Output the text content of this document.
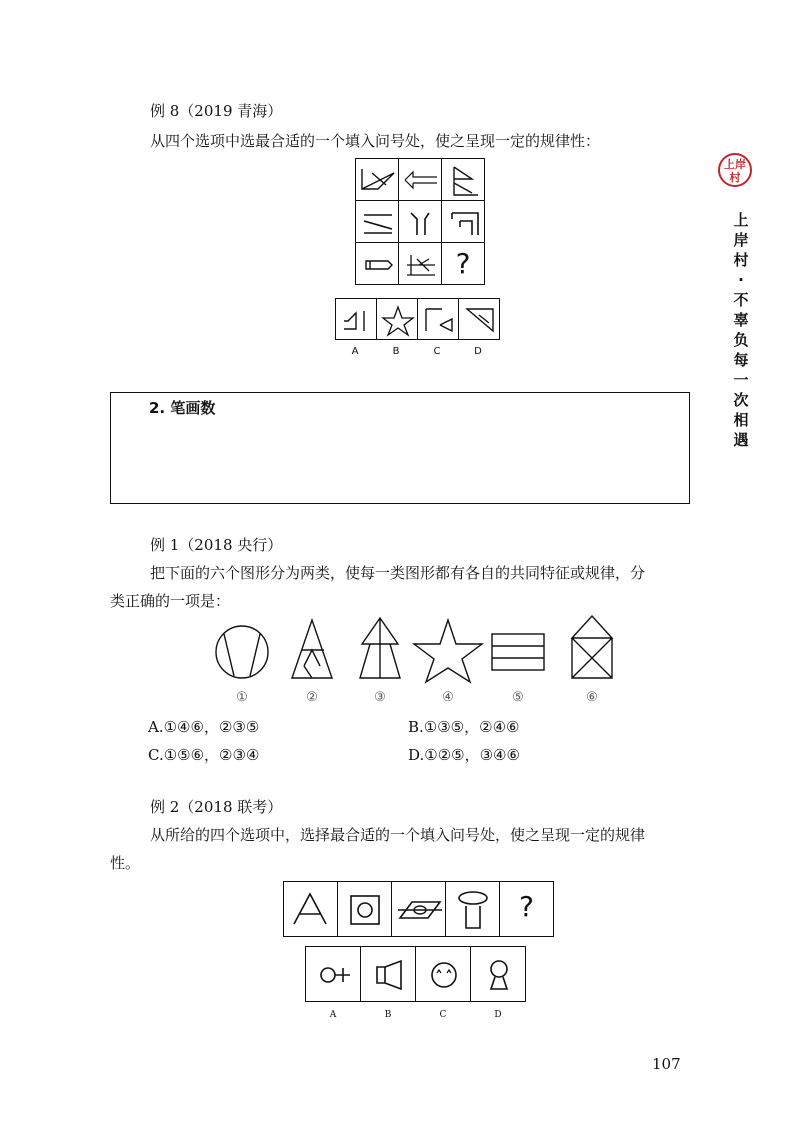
上岸
村
上岸村·不辜负每一次相遇
例 8（2019 青海）
从四个选项中选最合适的一个填入问号处，使之呈现一定的规律性：
?
A	B	C	D
2. 笔画数
例 1（2018 央行）
把下面的六个图形分为两类，使每一类图形都有各自的共同特征或规律，分
类正确的一项是：
①	②	③	④	⑤	⑥
A.①④⑥，②③⑤	B.①③⑤，②④⑥
C.①⑤⑥，②③④	D.①②⑤，③④⑥
例 2（2018 联考）
从所给的四个选项中，选择最合适的一个填入问号处，使之呈现一定的规律
性。
?
A	B	C	D
107
